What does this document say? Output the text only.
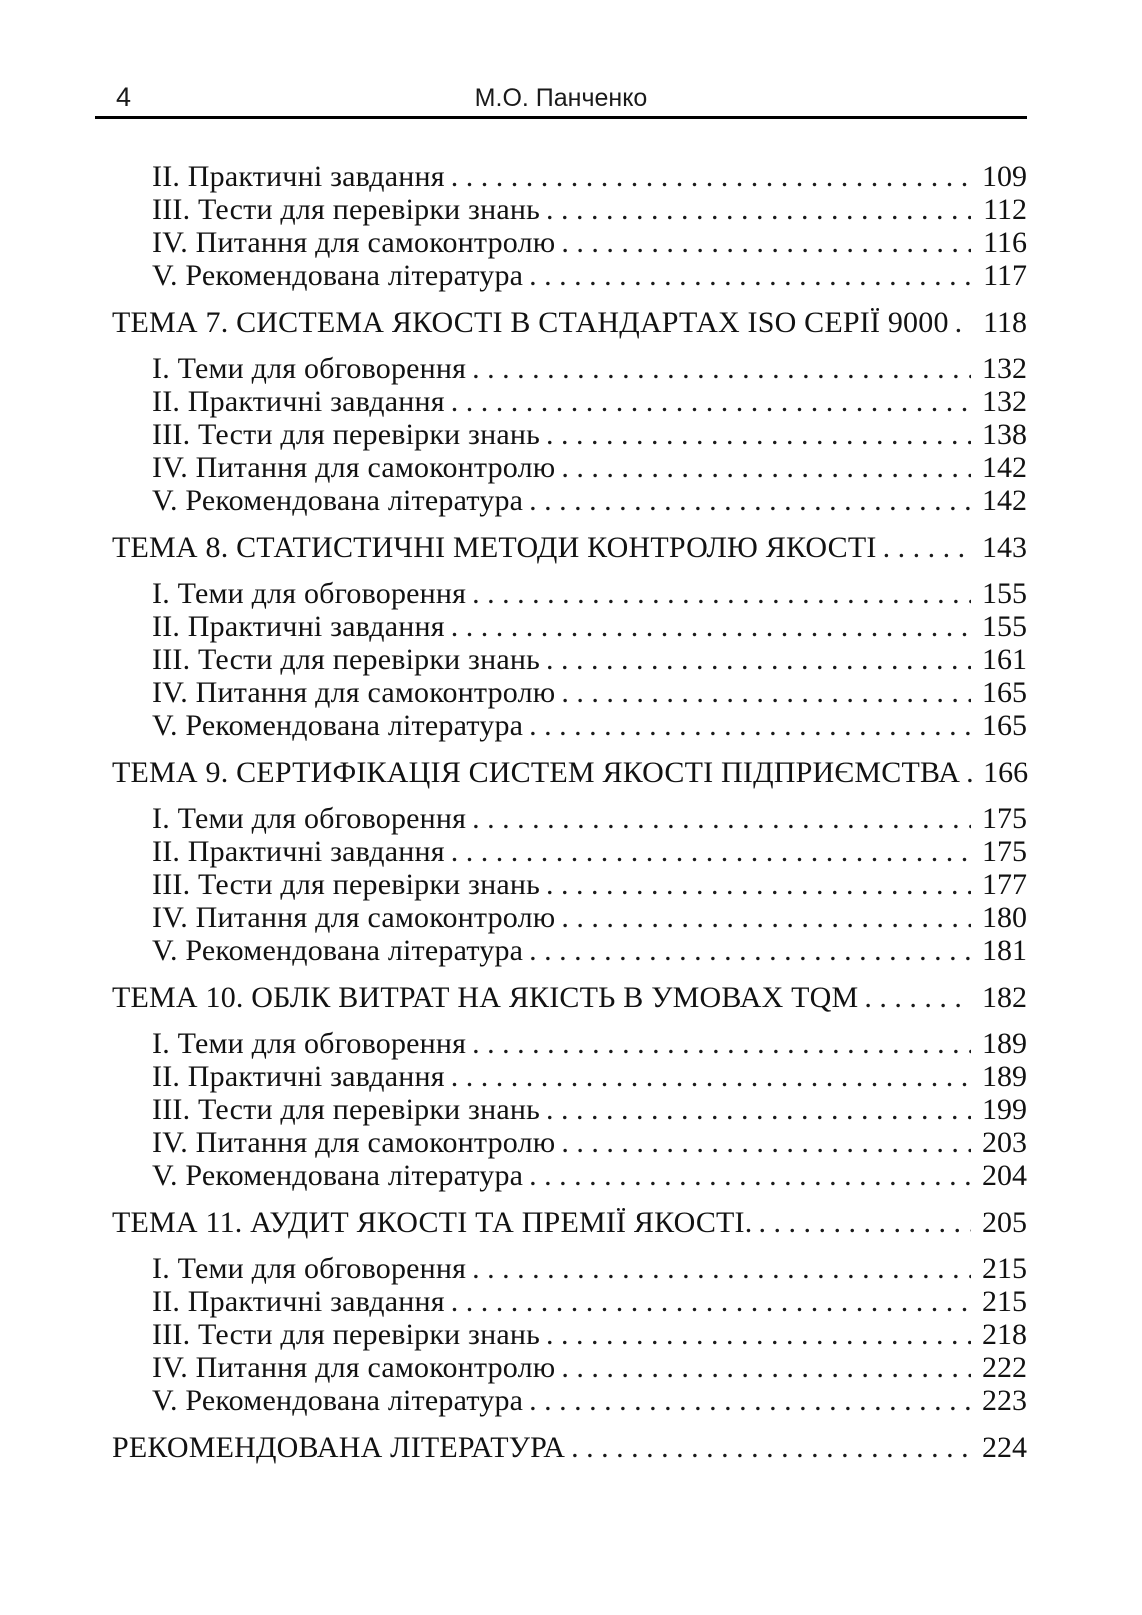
4	М.О. Панченко
II. Практичні завдання . . .	109
III. Тести для перевірки знань . . .	112
IV. Питання для самоконтролю . . .	116
V. Рекомендована література . . .	117
ТЕМА 7. СИСТЕМА ЯКОСТІ В СТАНДАРТАХ ISO СЕРІЇ 9000 . . .	118
I. Теми для обговорення . . .	132
II. Практичні завдання . . .	132
III. Тести для перевірки знань . . .	138
IV. Питання для самоконтролю . . .	142
V. Рекомендована література . . .	142
ТЕМА 8. СТАТИСТИЧНІ МЕТОДИ КОНТРОЛЮ ЯКОСТІ . . .	143
I. Теми для обговорення . . .	155
II. Практичні завдання . . .	155
III. Тести для перевірки знань . . .	161
IV. Питання для самоконтролю . . .	165
V. Рекомендована література . . .	165
ТЕМА 9. СЕРТИФІКАЦІЯ СИСТЕМ ЯКОСТІ ПІДПРИЄМСТВА . . . 166
I. Теми для обговорення . . .	175
II. Практичні завдання . . .	175
III. Тести для перевірки знань . . .	177
IV. Питання для самоконтролю . . .	180
V. Рекомендована література . . .	181
ТЕМА 10. ОБЛК ВИТРАТ НА ЯКІСТЬ В УМОВАХ TQM . . .	182
I. Теми для обговорення . . .	189
II. Практичні завдання . . .	189
III. Тести для перевірки знань . . .	199
IV. Питання для самоконтролю . . .	203
V. Рекомендована література . . .	204
ТЕМА 11. АУДИТ ЯКОСТІ ТА ПРЕМІЇ ЯКОСТІ. . . .	205
I. Теми для обговорення . . .	215
II. Практичні завдання . . .	215
III. Тести для перевірки знань . . .	218
IV. Питання для самоконтролю . . .	222
V. Рекомендована література . . .	223
РЕКОМЕНДОВАНА ЛІТЕРАТУРА . . .	224
